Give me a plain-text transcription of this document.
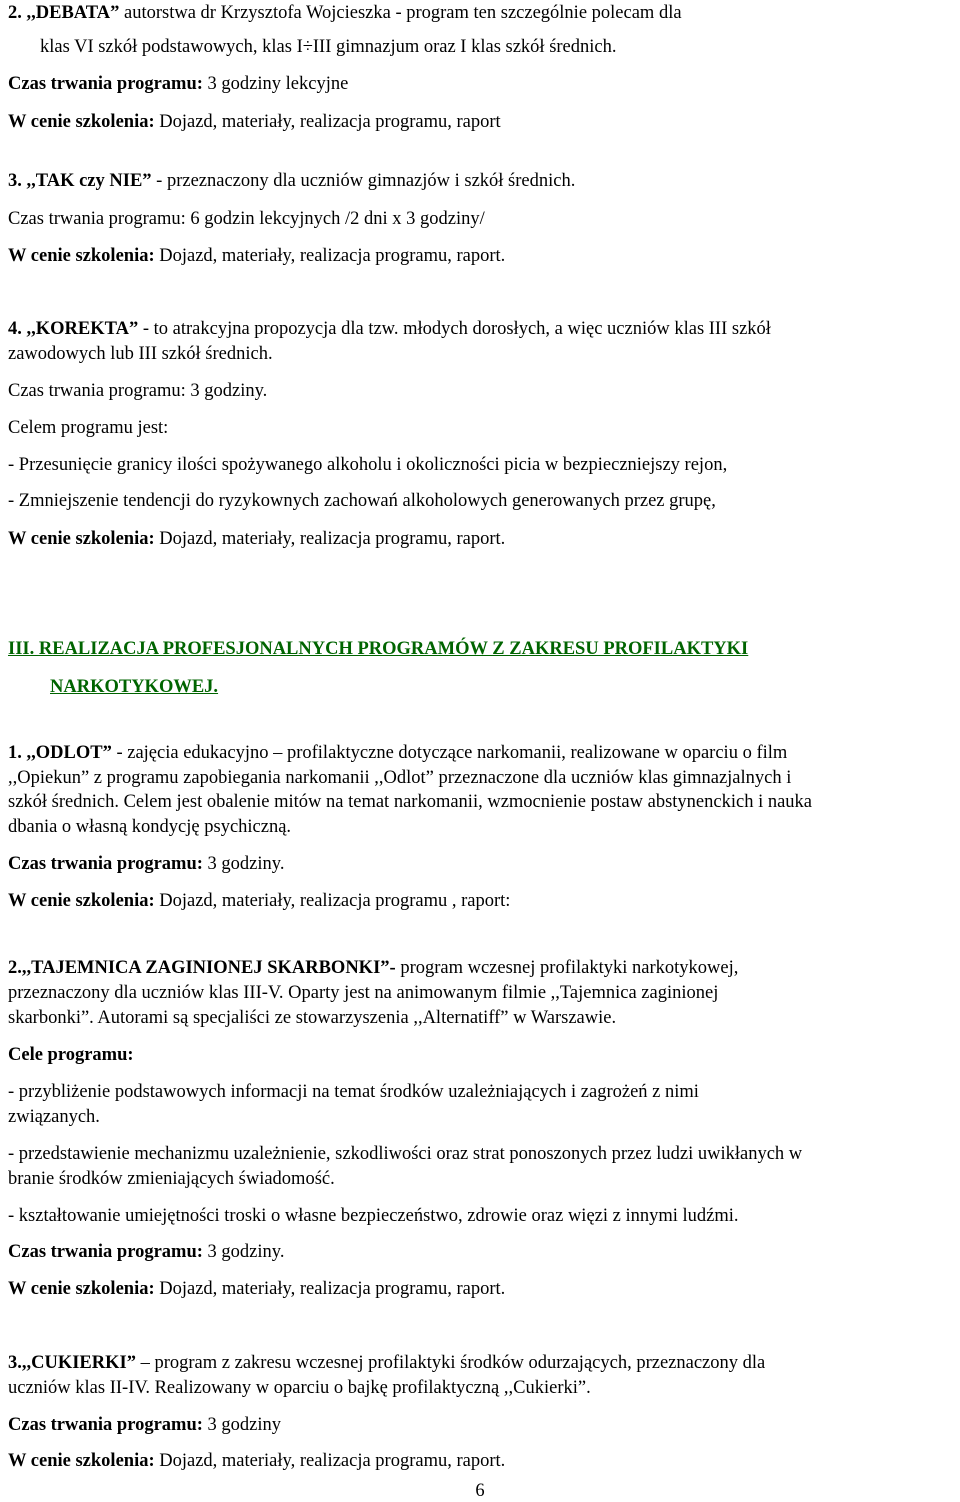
2. ,,DEBATA” autorstwa dr Krzysztofa Wojcieszka - program ten szczególnie polecam dla
klas VI szkół podstawowych, klas I÷III gimnazjum oraz I klas szkół średnich.
Czas trwania programu: 3 godziny lekcyjne
W cenie szkolenia: Dojazd, materiały, realizacja programu, raport
3. ,,TAK czy NIE” - przeznaczony dla uczniów gimnazjów i szkół średnich.
Czas trwania programu: 6 godzin lekcyjnych /2 dni x 3 godziny/
W cenie szkolenia: Dojazd, materiały, realizacja programu, raport.
4. ,,KOREKTA” - to atrakcyjna propozycja dla tzw. młodych dorosłych, a więc uczniów klas III szkół
zawodowych lub III szkół średnich.
Czas trwania programu: 3 godziny.
Celem programu jest:
- Przesunięcie granicy ilości spożywanego alkoholu i okoliczności picia w bezpieczniejszy rejon,
- Zmniejszenie tendencji do ryzykownych zachowań alkoholowych generowanych przez grupę,
W cenie szkolenia: Dojazd, materiały, realizacja programu, raport.
III. REALIZACJA PROFESJONALNYCH PROGRAMÓW Z ZAKRESU PROFILAKTYKI
NARKOTYKOWEJ.
1. ,,ODLOT” - zajęcia edukacyjno – profilaktyczne dotyczące narkomanii, realizowane w oparciu o film
,,Opiekun” z programu zapobiegania narkomanii ,,Odlot” przeznaczone dla uczniów klas gimnazjalnych i
szkół średnich. Celem jest obalenie mitów na temat narkomanii, wzmocnienie postaw abstynenckich i nauka
dbania o własną kondycję psychiczną.
Czas trwania programu: 3 godziny.
W cenie szkolenia: Dojazd, materiały, realizacja programu , raport:
2.,,TAJEMNICA ZAGINIONEJ SKARBONKI”- program wczesnej profilaktyki narkotykowej,
przeznaczony dla uczniów klas III-V. Oparty jest na animowanym filmie ,,Tajemnica zaginionej
skarbonki”. Autorami są specjaliści ze stowarzyszenia ,,Alternatiff” w Warszawie.
Cele programu:
- przybliżenie podstawowych informacji na temat środków uzależniających i zagrożeń z nimi
związanych.
- przedstawienie mechanizmu uzależnienie, szkodliwości oraz strat ponoszonych przez ludzi uwikłanych w
branie środków zmieniających świadomość.
- kształtowanie umiejętności troski o własne bezpieczeństwo, zdrowie oraz więzi z innymi ludźmi.
Czas trwania programu: 3 godziny.
W cenie szkolenia: Dojazd, materiały, realizacja programu, raport.
3.,,CUKIERKI” – program z zakresu wczesnej profilaktyki środków odurzających, przeznaczony dla
uczniów klas II-IV. Realizowany w oparciu o bajkę profilaktyczną ,,Cukierki”.
Czas trwania programu: 3 godziny
W cenie szkolenia: Dojazd, materiały, realizacja programu, raport.
6
